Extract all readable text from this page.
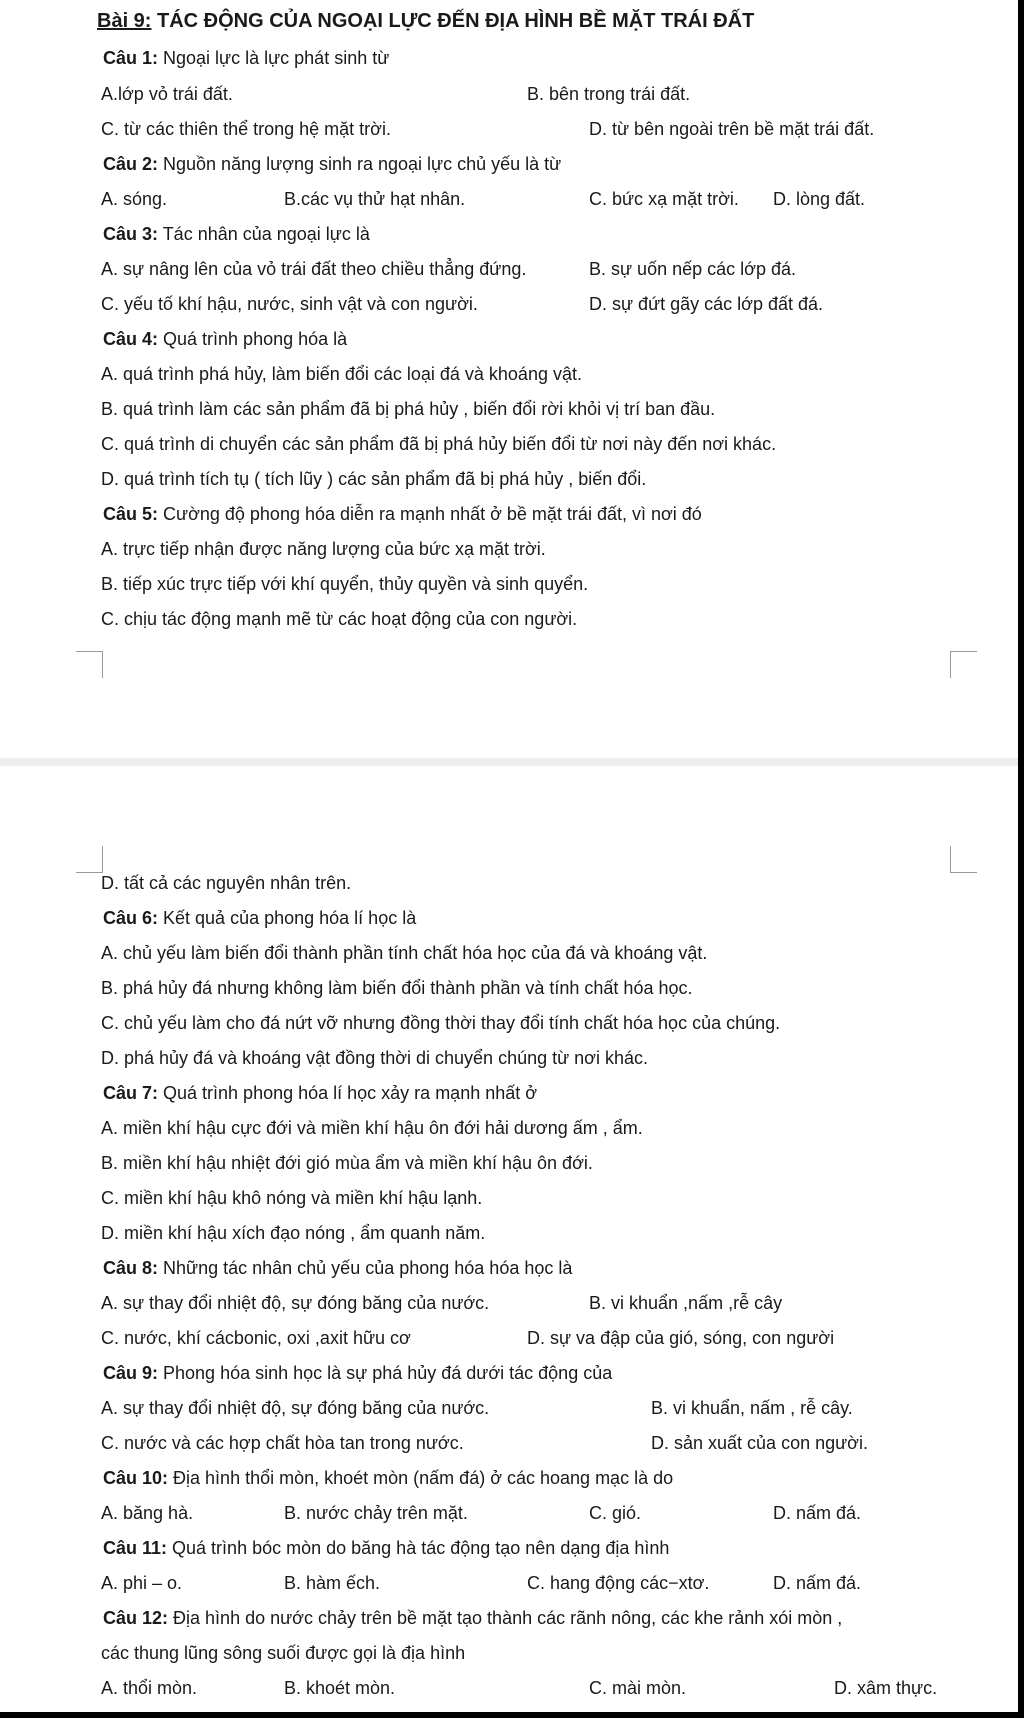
Bài 9: TÁC ĐỘNG CỦA NGOẠI LỰC ĐẾN ĐỊA HÌNH BỀ MẶT TRÁI ĐẤT
Câu 1: Ngoại lực là lực phát sinh từ
A.lớp vỏ trái đất.	B. bên trong trái đất.
C. từ các thiên thể trong hệ mặt trời.	D. từ bên ngoài trên bề mặt trái đất.
Câu 2: Nguồn năng lượng sinh ra ngoại lực chủ yếu là từ
A. sóng.	B.các vụ thử hạt nhân.	C. bức xạ mặt trời. D. lòng đất.
Câu 3: Tác nhân của ngoại lực là
A. sự nâng lên của vỏ trái đất theo chiều thẳng đứng.	B. sự uốn nếp các lớp đá.
C. yếu tố khí hậu, nước, sinh vật và con người.	D. sự đứt gãy các lớp đất đá.
Câu 4: Quá trình phong hóa là
A. quá trình phá hủy, làm biến đổi các loại đá và khoáng vật.
B. quá trình làm các sản phẩm đã bị phá hủy , biến đổi rời khỏi vị trí ban đầu.
C. quá trình di chuyển các sản phẩm đã bị phá hủy biến đổi từ nơi này đến nơi khác.
D. quá trình tích tụ ( tích lũy ) các sản phẩm đã bị phá hủy , biến đổi.
Câu 5: Cường độ phong hóa diễn ra mạnh nhất ở bề mặt trái đất, vì nơi đó
A. trực tiếp nhận được năng lượng của bức xạ mặt trời.
B. tiếp xúc trực tiếp với khí quyển, thủy quyền và sinh quyển.
C. chịu tác động mạnh mẽ từ các hoạt động của con người.
D. tất cả các nguyên nhân trên.
Câu 6: Kết quả của phong hóa lí học là
A. chủ yếu làm biến đổi thành phần tính chất hóa học của đá và khoáng vật.
B. phá hủy đá nhưng không làm biến đổi thành phần và tính chất hóa học.
C. chủ yếu làm cho đá nứt vỡ nhưng đồng thời thay đổi tính chất hóa học của chúng.
D. phá hủy đá và khoáng vật đồng thời di chuyển chúng từ nơi khác.
Câu 7: Quá trình phong hóa lí học xảy ra mạnh nhất ở
A. miền khí hậu cực đới và miền khí hậu ôn đới hải dương ấm , ẩm.
B. miền khí hậu nhiệt đới gió mùa ẩm và miền khí hậu ôn đới.
C. miền khí hậu khô nóng và miền khí hậu lạnh.
D. miền khí hậu xích đạo nóng , ẩm quanh năm.
Câu 8: Những tác nhân chủ yếu của phong hóa hóa học là
A. sự thay đổi nhiệt độ, sự đóng băng của nước.	B. vi khuẩn ,nấm ,rễ cây
C. nước, khí cácbonic, oxi ,axit hữu cơ	D. sự va đập của gió, sóng, con người
Câu 9: Phong hóa sinh học là sự phá hủy đá dưới tác động của
A. sự thay đổi nhiệt độ, sự đóng băng của nước.	B. vi khuẩn, nấm , rễ cây.
C. nước và các hợp chất hòa tan trong nước.	D. sản xuất của con người.
Câu 10: Địa hình thổi mòn, khoét mòn (nấm đá) ở các hoang mạc là do
A. băng hà.	B. nước chảy trên mặt.	C. gió.	D. nấm đá.
Câu 11: Quá trình bóc mòn do băng hà tác động tạo nên dạng địa hình
A. phi – o.	B. hàm ếch.	C. hang động các−xtơ.	D. nấm đá.
Câu 12: Địa hình do nước chảy trên bề mặt tạo thành các rãnh nông, các khe rảnh xói mòn ,
các thung lũng sông suối được gọi là địa hình
A. thổi mòn.	B. khoét mòn.	C. mài mòn.	D. xâm thực.
